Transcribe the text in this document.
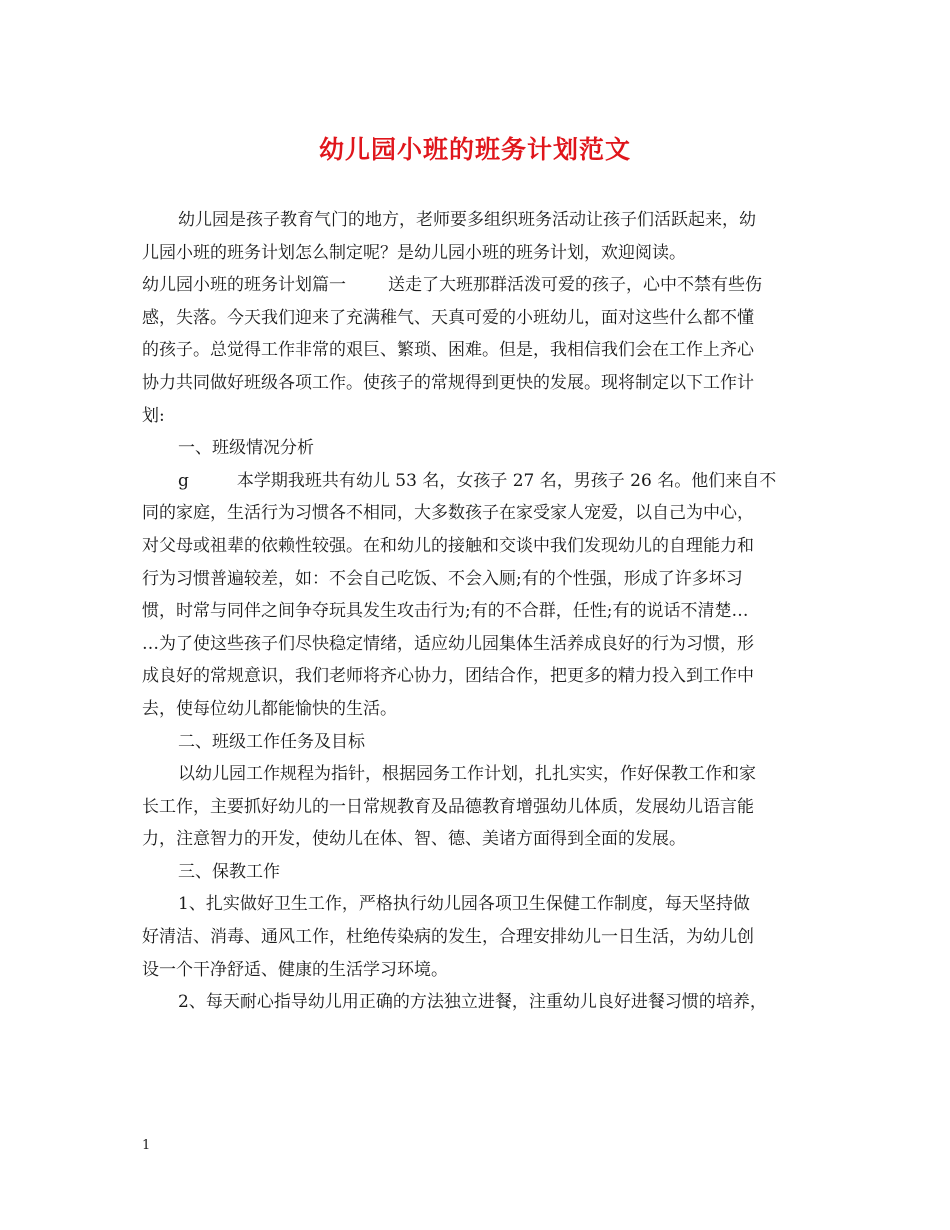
幼儿园小班的班务计划范文
幼儿园是孩子教育气门的地方，老师要多组织班务活动让孩子们活跃起来，幼
儿园小班的班务计划怎么制定呢？是幼儿园小班的班务计划，欢迎阅读。
幼儿园小班的班务计划篇一 送走了大班那群活泼可爱的孩子，心中不禁有些伤
感，失落。今天我们迎来了充满稚气、天真可爱的小班幼儿，面对这些什么都不懂
的孩子。总觉得工作非常的艰巨、繁琐、困难。但是，我相信我们会在工作上齐心
协力共同做好班级各项工作。使孩子的常规得到更快的发展。现将制定以下工作计
划:
一、班级情况分析
g	本学期我班共有幼儿 53 名，女孩子 27 名，男孩子 26 名。他们来自不
同的家庭，生活行为习惯各不相同，大多数孩子在家受家人宠爱，以自己为中心，
对父母或祖辈的依赖性较强。在和幼儿的接触和交谈中我们发现幼儿的自理能力和
行为习惯普遍较差，如：不会自己吃饭、不会入厕;有的个性强，形成了许多坏习
惯，时常与同伴之间争夺玩具发生攻击行为;有的不合群，任性;有的说话不清楚…
…为了使这些孩子们尽快稳定情绪，适应幼儿园集体生活养成良好的行为习惯，形
成良好的常规意识，我们老师将齐心协力，团结合作，把更多的精力投入到工作中
去，使每位幼儿都能愉快的生活。
二、班级工作任务及目标
以幼儿园工作规程为指针，根据园务工作计划，扎扎实实，作好保教工作和家
长工作，主要抓好幼儿的一日常规教育及品德教育增强幼儿体质，发展幼儿语言能
力，注意智力的开发，使幼儿在体、智、德、美诸方面得到全面的发展。
三、保教工作
1、扎实做好卫生工作，严格执行幼儿园各项卫生保健工作制度，每天坚持做
好清洁、消毒、通风工作，杜绝传染病的发生，合理安排幼儿一日生活，为幼儿创
设一个干净舒适、健康的生活学习环境。
2、每天耐心指导幼儿用正确的方法独立进餐，注重幼儿良好进餐习惯的培养，
1
